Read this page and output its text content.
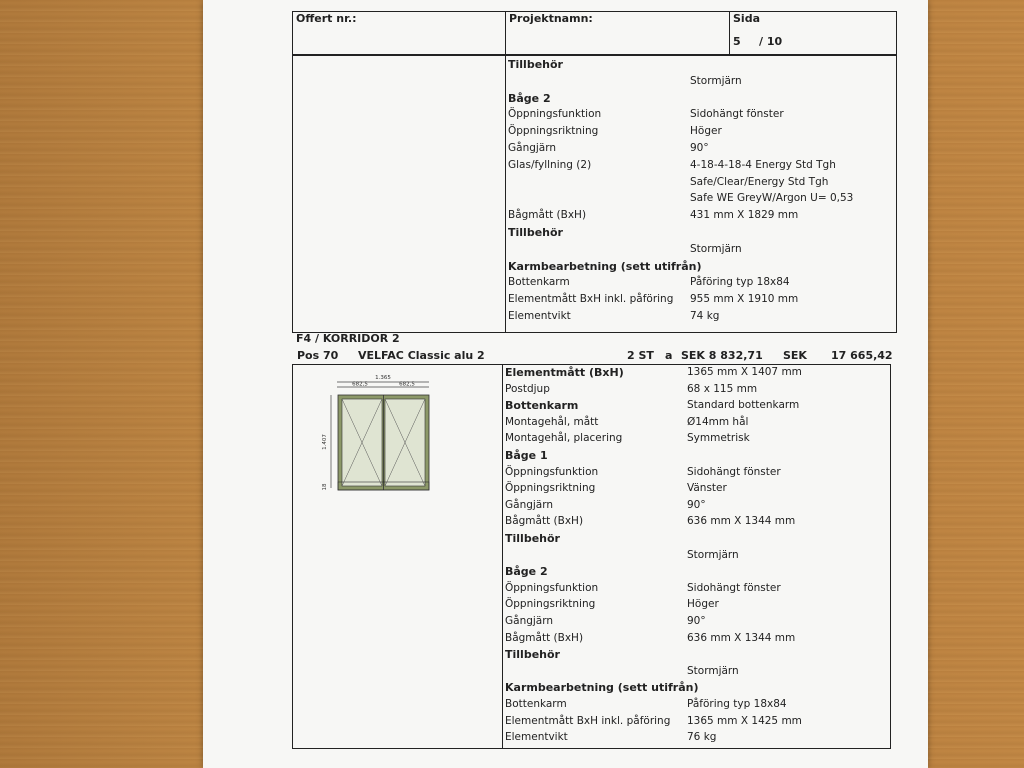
Offert nr.:	Projektnamn:	Sida
5 / 10
Tillbehör
Stormjärn
Båge 2
Öppningsfunktion	Sidohängt fönster
Öppningsriktning	Höger
Gångjärn	90°
Glas/fyllning (2)	4-18-4-18-4 Energy Std Tgh
Safe/Clear/Energy Std Tgh
Safe WE GreyW/Argon U= 0,53
Bågmått (BxH)	431 mm X 1829 mm
Tillbehör
Stormjärn
Karmbearbetning (sett utifrån)
Bottenkarm	Påföring typ 18x84
Elementmått BxH inkl. påföring 955 mm X 1910 mm
Elementvikt	74 kg
F4 / KORRIDOR 2
Pos 70 VELFAC Classic alu 2	2 ST a SEK 8 832,71 SEK 17 665,42
Elementmått (BxH)	1365 mm X 1407 mm
Postdjup	68 x 115 mm
Bottenkarm	Standard bottenkarm
Montagehål, mått	Ø14mm hål
Montagehål, placering	Symmetrisk
Båge 1
Öppningsfunktion	Sidohängt fönster
Öppningsriktning	Vänster
Gångjärn	90°
Bågmått (BxH)	636 mm X 1344 mm
Tillbehör
Stormjärn
Båge 2
Öppningsfunktion	Sidohängt fönster
Öppningsriktning	Höger
Gångjärn	90°
Bågmått (BxH)	636 mm X 1344 mm
Tillbehör
Stormjärn
Karmbearbetning (sett utifrån)
Bottenkarm	Påföring typ 18x84
Elementmått BxH inkl. påföring 1365 mm X 1425 mm
Elementvikt	76 kg
1.365
682,5	682,5
1.407
18
